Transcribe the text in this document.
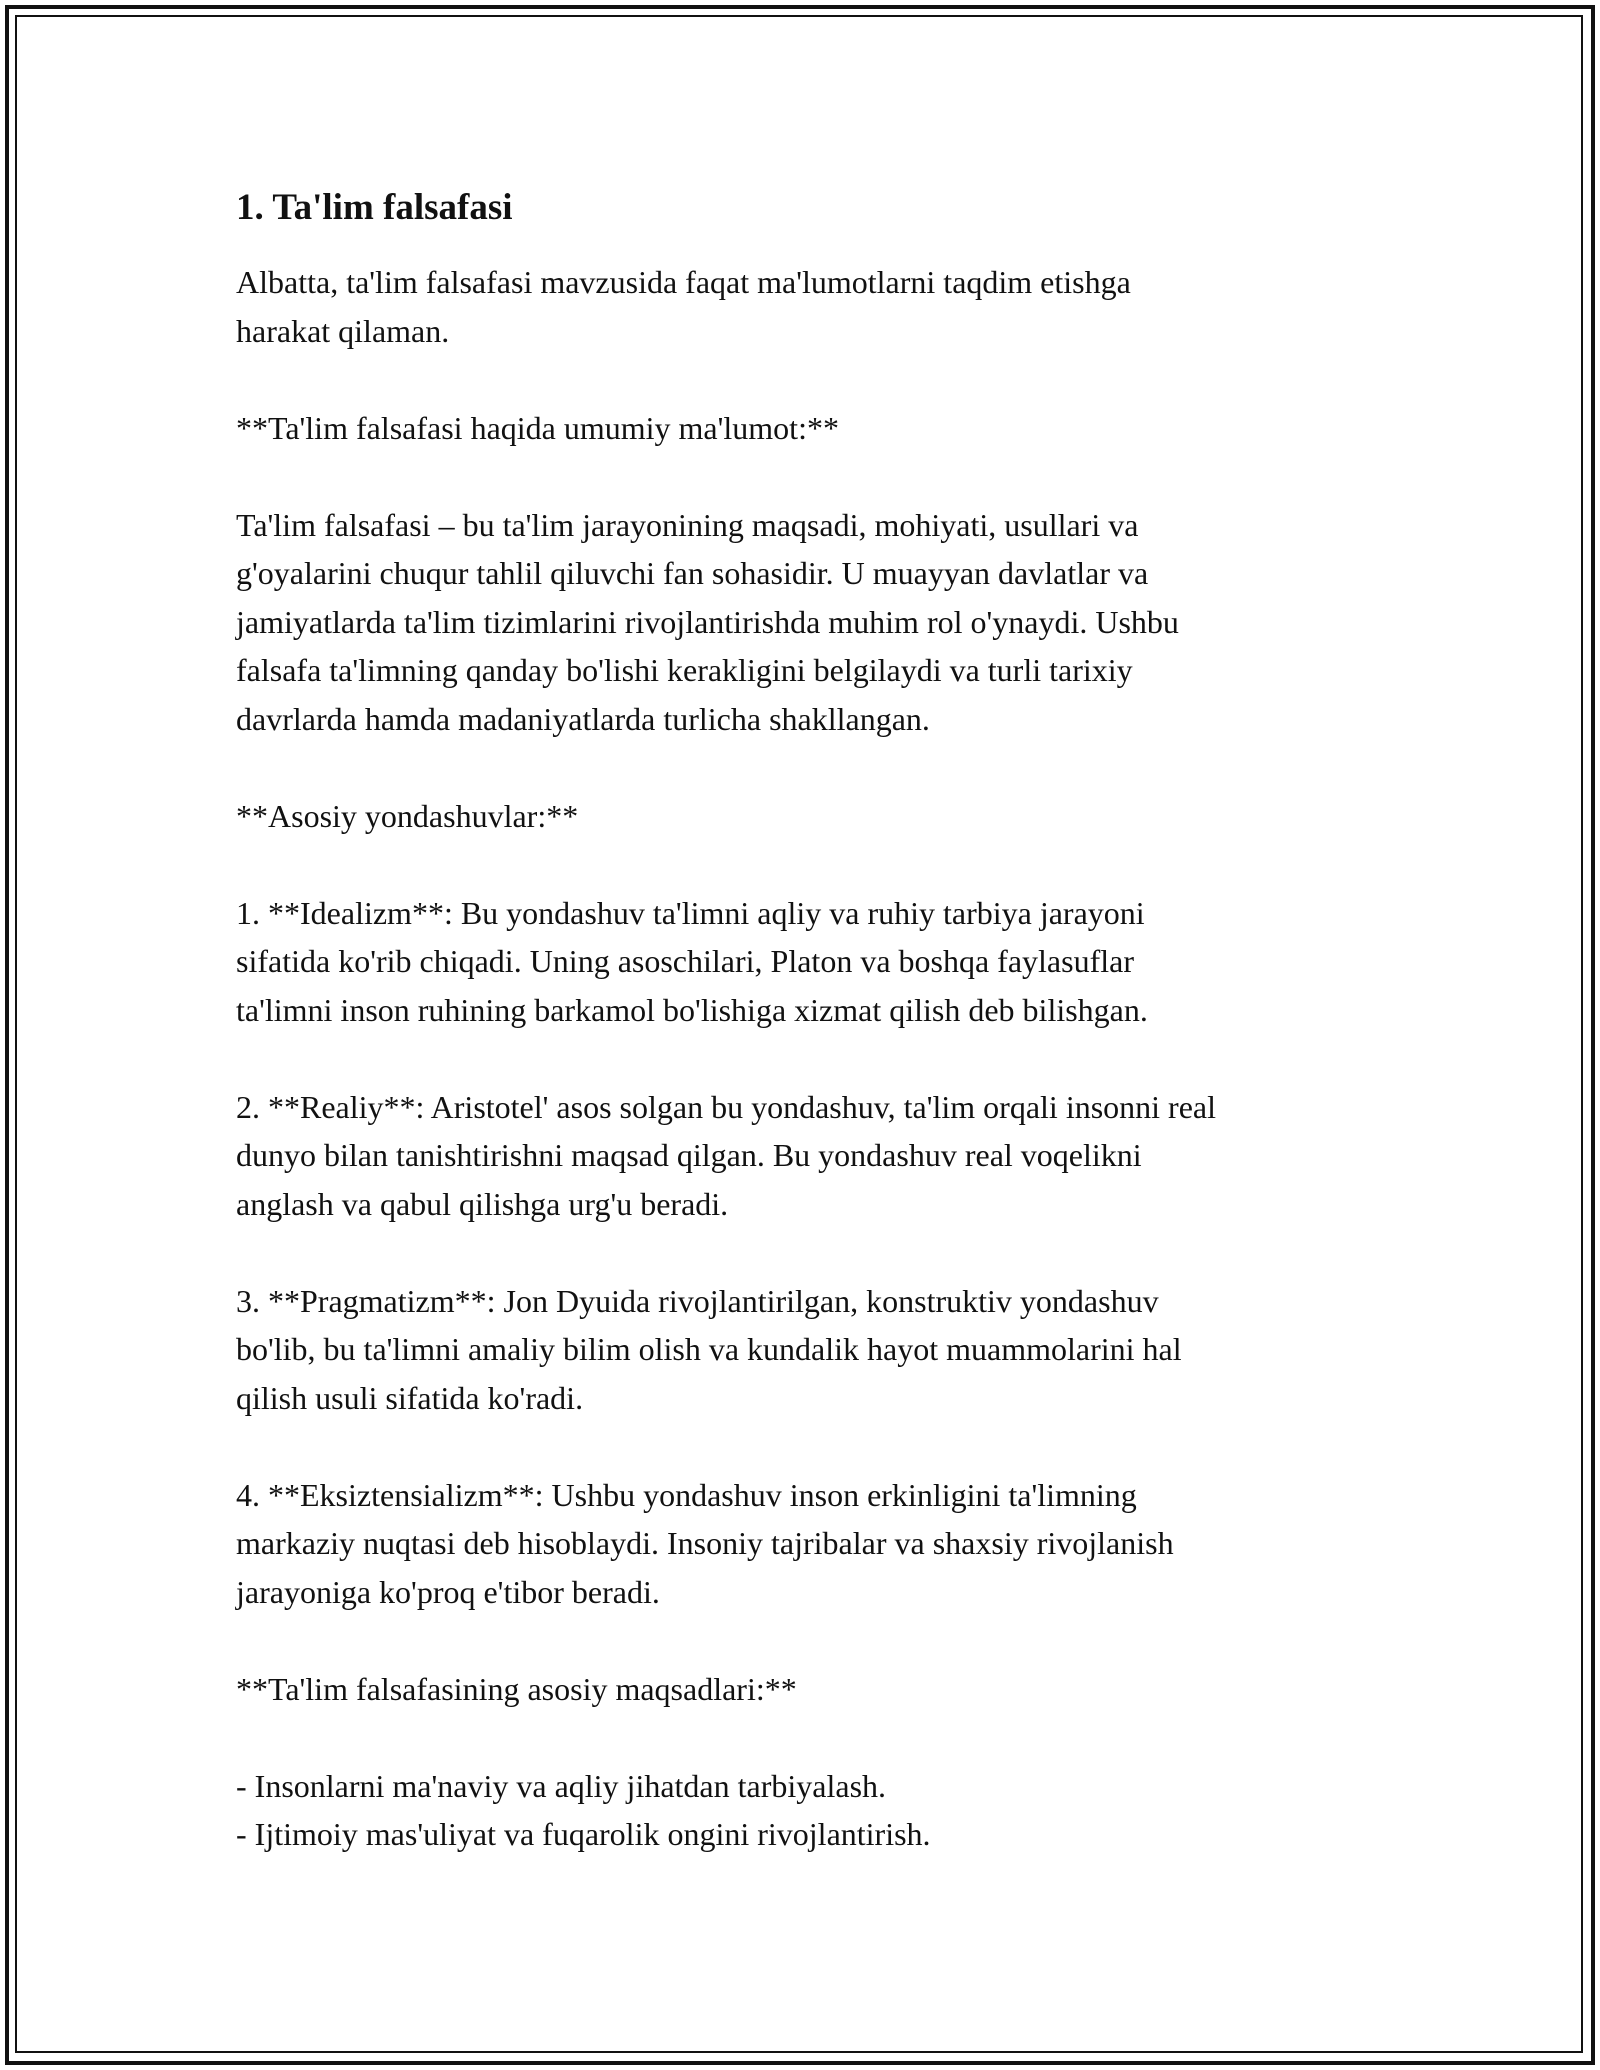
1. Ta'lim falsafasi

Albatta, ta'lim falsafasi mavzusida faqat ma'lumotlarni taqdim etishga
harakat qilaman.

**Ta'lim falsafasi haqida umumiy ma'lumot:**

Ta'lim falsafasi – bu ta'lim jarayonining maqsadi, mohiyati, usullari va
g'oyalarini chuqur tahlil qiluvchi fan sohasidir. U muayyan davlatlar va
jamiyatlarda ta'lim tizimlarini rivojlantirishda muhim rol o'ynaydi. Ushbu
falsafa ta'limning qanday bo'lishi kerakligini belgilaydi va turli tarixiy
davrlarda hamda madaniyatlarda turlicha shakllangan.

**Asosiy yondashuvlar:**

1. **Idealizm**: Bu yondashuv ta'limni aqliy va ruhiy tarbiya jarayoni
sifatida ko'rib chiqadi. Uning asoschilari, Platon va boshqa faylasuflar
ta'limni inson ruhining barkamol bo'lishiga xizmat qilish deb bilishgan.

2. **Realiy**: Aristotel' asos solgan bu yondashuv, ta'lim orqali insonni real
dunyo bilan tanishtirishni maqsad qilgan. Bu yondashuv real voqelikni
anglash va qabul qilishga urg'u beradi.

3. **Pragmatizm**: Jon Dyuida rivojlantirilgan, konstruktiv yondashuv
bo'lib, bu ta'limni amaliy bilim olish va kundalik hayot muammolarini hal
qilish usuli sifatida ko'radi.

4. **Eksiztensializm**: Ushbu yondashuv inson erkinligini ta'limning
markaziy nuqtasi deb hisoblaydi. Insoniy tajribalar va shaxsiy rivojlanish
jarayoniga ko'proq e'tibor beradi.

**Ta'lim falsafasining asosiy maqsadlari:**

- Insonlarni ma'naviy va aqliy jihatdan tarbiyalash.
- Ijtimoiy mas'uliyat va fuqarolik ongini rivojlantirish.
